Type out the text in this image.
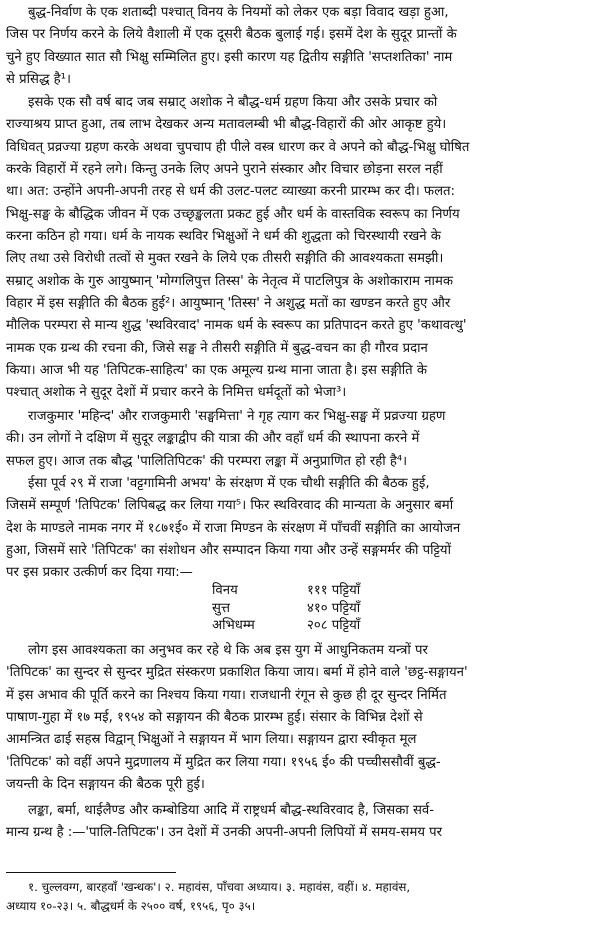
बुद्ध-निर्वाण के एक शताब्दी पश्चात् विनय के नियमों को लेकर एक बड़ा विवाद खड़ा हुआ,
जिस पर निर्णय करने के लिये वैशाली में एक दूसरी बैठक बुलाई गई। इसमें देश के सुदूर प्रान्तों के
चुने हुए विख्यात सात सौ भिक्षु सम्मिलित हुए। इसी कारण यह द्वितीय सङ्गीति 'सप्तशतिका' नाम
से प्रसिद्ध है¹।
इसके एक सौ वर्ष बाद जब सम्राट् अशोक ने बौद्ध-धर्म ग्रहण किया और उसके प्रचार को
राज्याश्रय प्राप्त हुआ, तब लाभ देखकर अन्य मतावलम्बी भी बौद्ध-विहारों की ओर आकृष्ट हुये।
विधिवत् प्रव्रज्या ग्रहण करके अथवा चुपचाप ही पीले वस्त्र धारण कर वे अपने को बौद्ध-भिक्षु घोषित
करके विहारों में रहने लगे। किन्तु उनके लिए अपने पुराने संस्कार और विचार छोड़ना सरल नहीं
था। अत: उन्होंने अपनी-अपनी तरह से धर्म की उलट-पलट व्याख्या करनी प्रारम्भ कर दी। फलत:
भिक्षु-सङ्घ के बौद्धिक जीवन में एक उच्छृङ्खलता प्रकट हुई और धर्म के वास्तविक स्वरूप का निर्णय
करना कठिन हो गया। धर्म के नायक स्थविर भिक्षुओं ने धर्म की शुद्धता को चिरस्थायी रखने के
लिए तथा उसे विरोधी तत्वों से मुक्त रखने के लिये एक तीसरी सङ्गीति की आवश्यकता समझी।
सम्राट् अशोक के गुरु आयुष्मान् 'मोग्गलिपुत्त तिस्स' के नेतृत्व में पाटलिपुत्र के अशोकाराम नामक
विहार में इस सङ्गीति की बैठक हुई²। आयुष्मान् 'तिस्स' ने अशुद्ध मतों का खण्डन करते हुए और
मौलिक परम्परा से मान्य शुद्ध 'स्थविरवाद' नामक धर्म के स्वरूप का प्रतिपादन करते हुए 'कथावत्थु'
नामक एक ग्रन्थ की रचना की, जिसे सङ्घ ने तीसरी सङ्गीति में बुद्ध-वचन का ही गौरव प्रदान
किया। आज भी यह 'तिपिटक-साहित्य' का एक अमूल्य ग्रन्थ माना जाता है। इस सङ्गीति के
पश्चात् अशोक ने सुदूर देशों में प्रचार करने के निमित्त धर्मदूतों को भेजा³।
राजकुमार 'महिन्द' और राजकुमारी 'सङ्घमित्ता' ने गृह त्याग कर भिक्षु-सङ्घ में प्रव्रज्या ग्रहण
की। उन लोगों ने दक्षिण में सुदूर लङ्काद्वीप की यात्रा की और वहाँ धर्म की स्थापना करने में
सफल हुए। आज तक बौद्ध 'पालितिपिटक' की परम्परा लङ्का में अनुप्राणित हो रही है⁴।
ईसा पूर्व २९ में राजा 'वट्टगामिनी अभय' के संरक्षण में एक चौथी सङ्गीति की बैठक हुई,
जिसमें सम्पूर्ण 'तिपिटक' लिपिबद्ध कर लिया गया⁵। फिर स्थविरवाद की मान्यता के अनुसार बर्मा
देश के माण्डले नामक नगर में १८७१ई० में राजा मिण्डन के संरक्षण में पाँचवीं सङ्गीति का आयोजन
हुआ, जिसमें सारे 'तिपिटक' का संशोधन और सम्पादन किया गया और उन्हें सङ्गमर्मर की पट्टियों
पर इस प्रकार उत्कीर्ण कर दिया गया:—
विनय	१११ पट्टियाँ
सुत्त	४१० पट्टियाँ
अभिधम्म	२०८ पट्टियाँ
लोग इस आवश्यकता का अनुभव कर रहे थे कि अब इस युग में आधुनिकतम यन्त्रों पर
'तिपिटक' का सुन्दर से सुन्दर मुद्रित संस्करण प्रकाशित किया जाय। बर्मा में होने वाले 'छट्ठ-सङ्गायन'
में इस अभाव की पूर्ति करने का निश्चय किया गया। राजधानी रंगून से कुछ ही दूर सुन्दर निर्मित
पाषाण-गुहा में १७ मई, १९५४ को सङ्गायन की बैठक प्रारम्भ हुई। संसार के विभिन्न देशों से
आमन्त्रित ढाई सहस्र विद्वान् भिक्षुओं ने सङ्गायन में भाग लिया। सङ्गायन द्वारा स्वीकृत मूल
'तिपिटक' को वहीं अपने मुद्रणालय में मुद्रित कर लिया गया। १९५६ ई० की पच्चीससौवीं बुद्ध-
जयन्ती के दिन सङ्गायन की बैठक पूरी हुई।
लङ्का, बर्मा, थाईलैण्ड और कम्बोडिया आदि में राष्ट्रधर्म बौद्ध-स्थविरवाद है, जिसका सर्व-
मान्य ग्रन्थ है :—'पालि-तिपिटक'। उन देशों में उनकी अपनी-अपनी लिपियों में समय-समय पर
१. चुल्लवग्ग, बारहवाँ 'खन्धक'। २. महावंस, पाँचवा अध्याय। ३. महावंस, वहीं। ४. महावंस,
अध्याय १०-२३। ५. बौद्धधर्म के २५०० वर्ष, १९५६, पृ० ३५।
